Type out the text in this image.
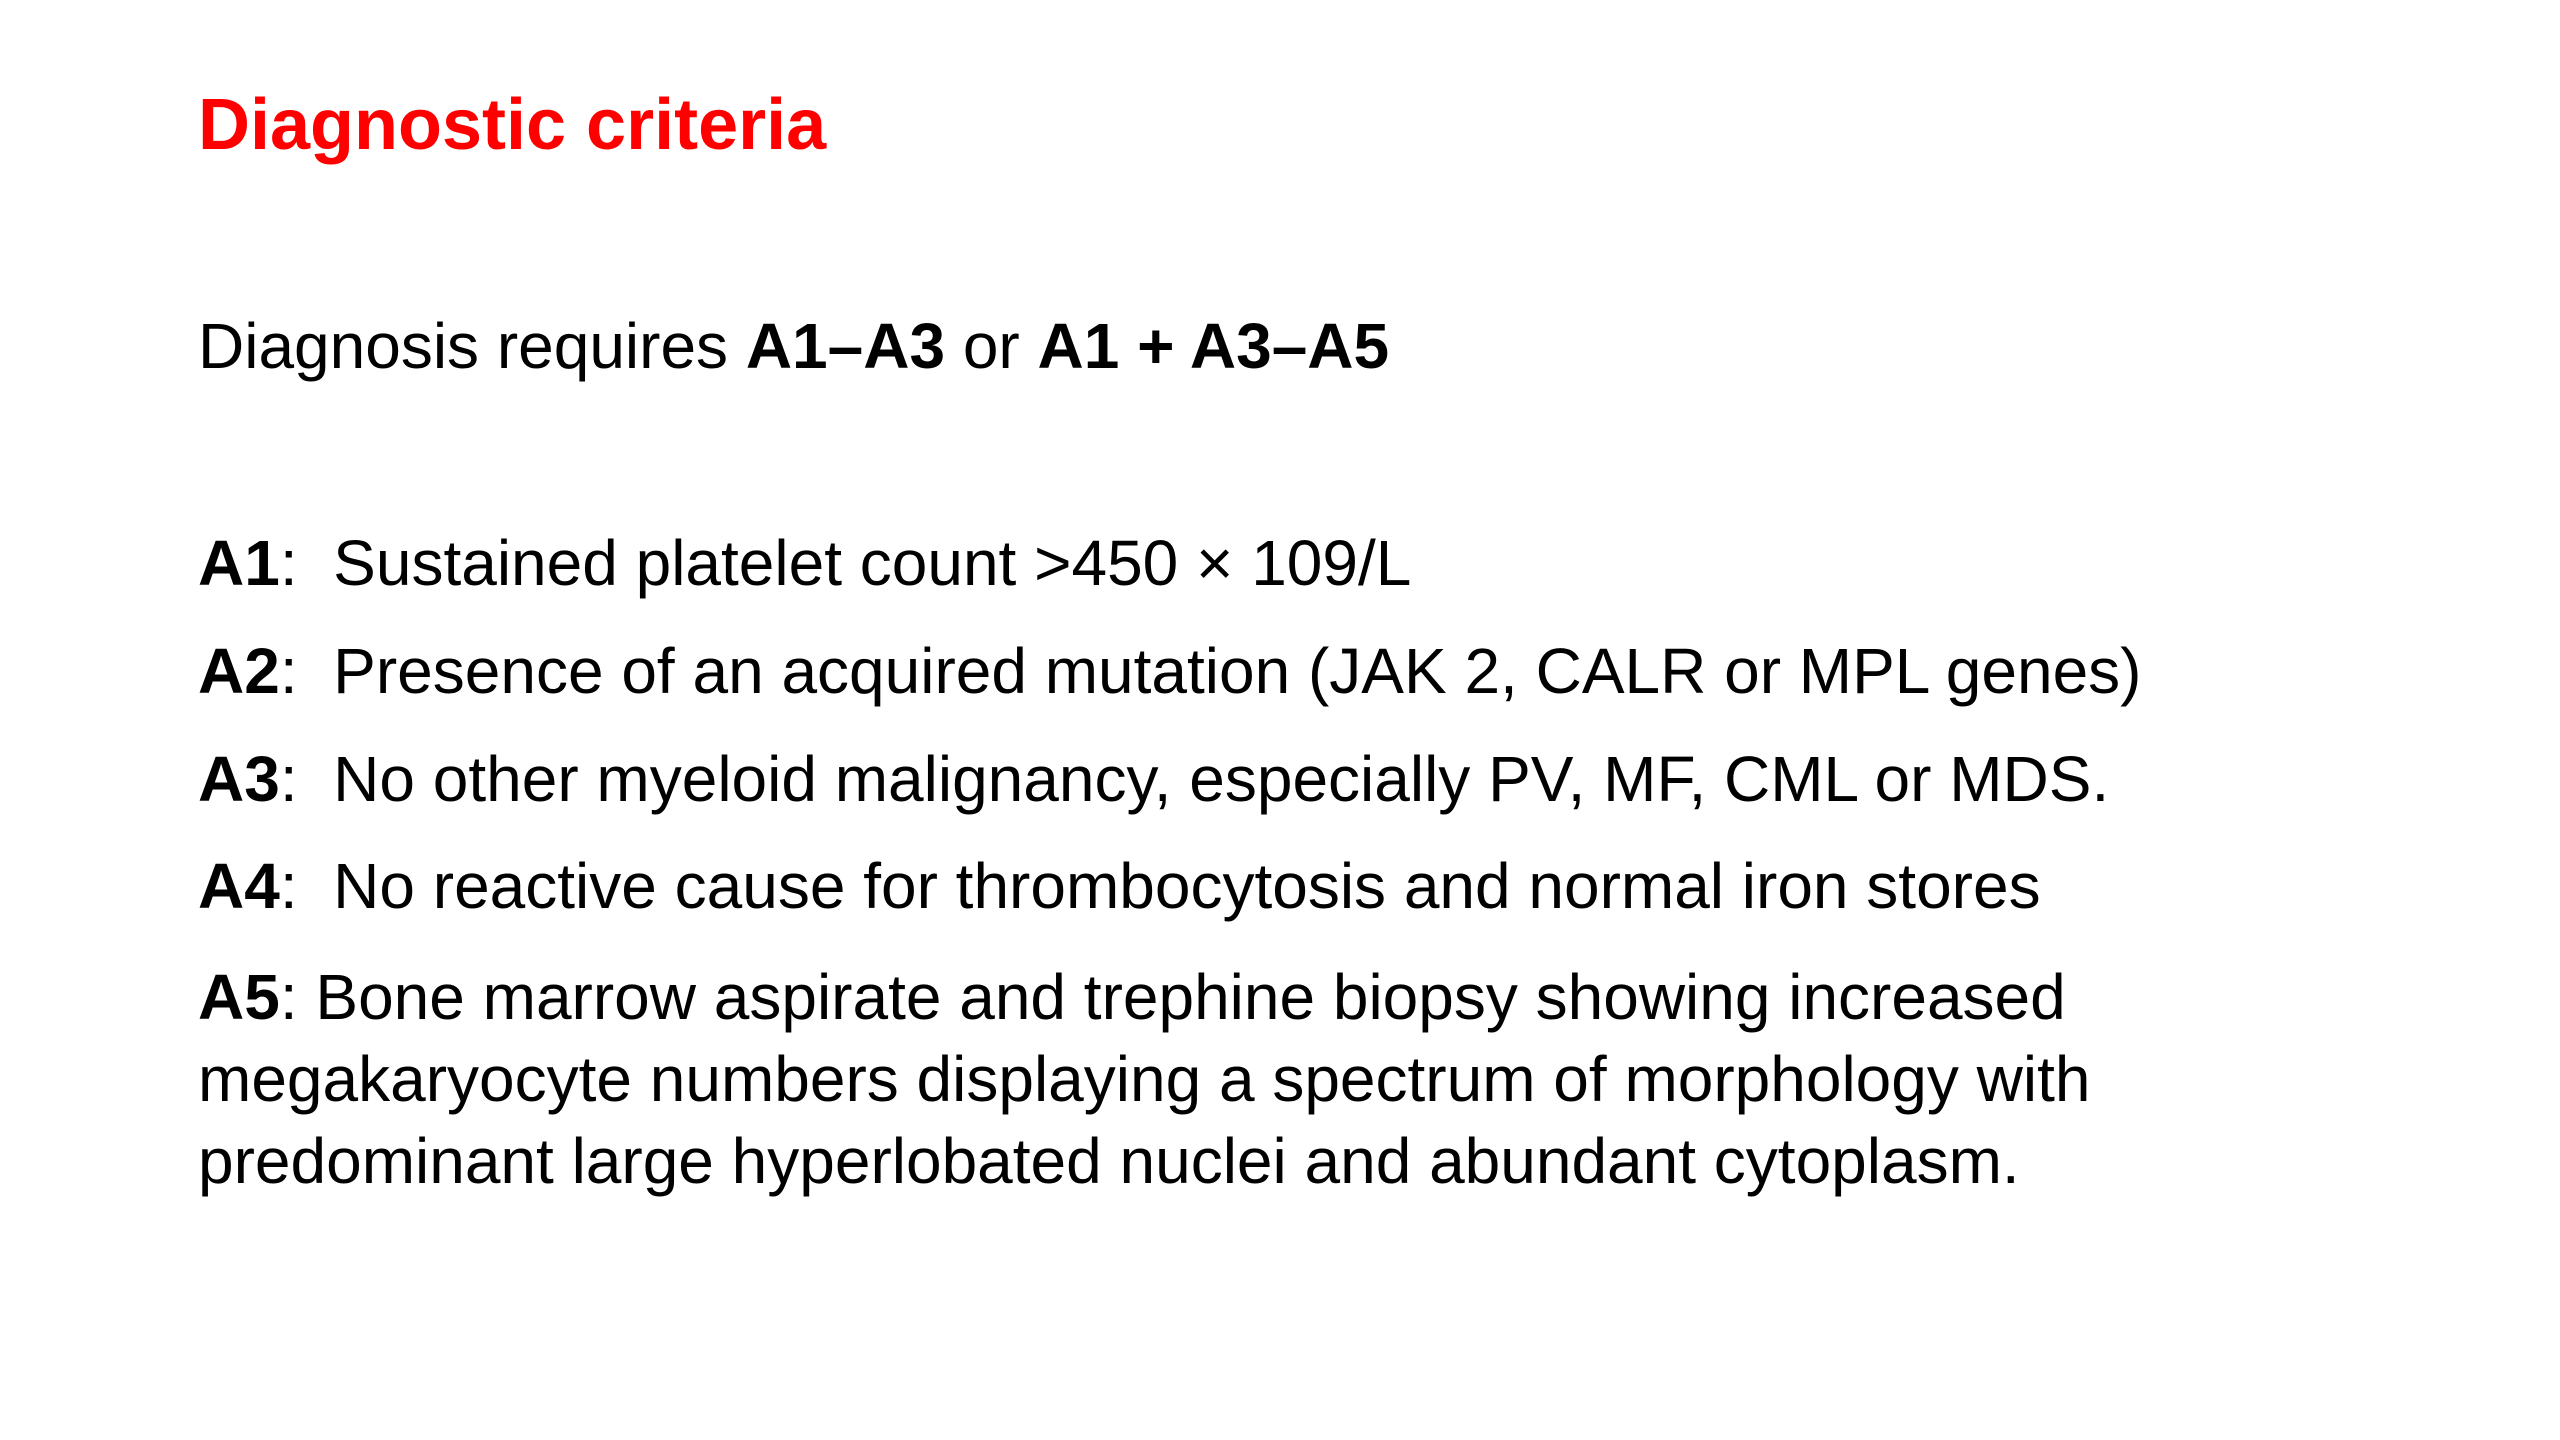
Diagnostic criteria
Diagnosis requires A1–A3 or A1 + A3–A5
A1:  Sustained platelet count >450 × 109/L
A2:  Presence of an acquired mutation (JAK 2, CALR or MPL genes)
A3:  No other myeloid malignancy, especially PV, MF, CML or MDS.
A4:  No reactive cause for thrombocytosis and normal iron stores
A5: Bone marrow aspirate and trephine biopsy showing increased megakaryocyte numbers displaying a spectrum of morphology with predominant large hyperlobated nuclei and abundant cytoplasm.
